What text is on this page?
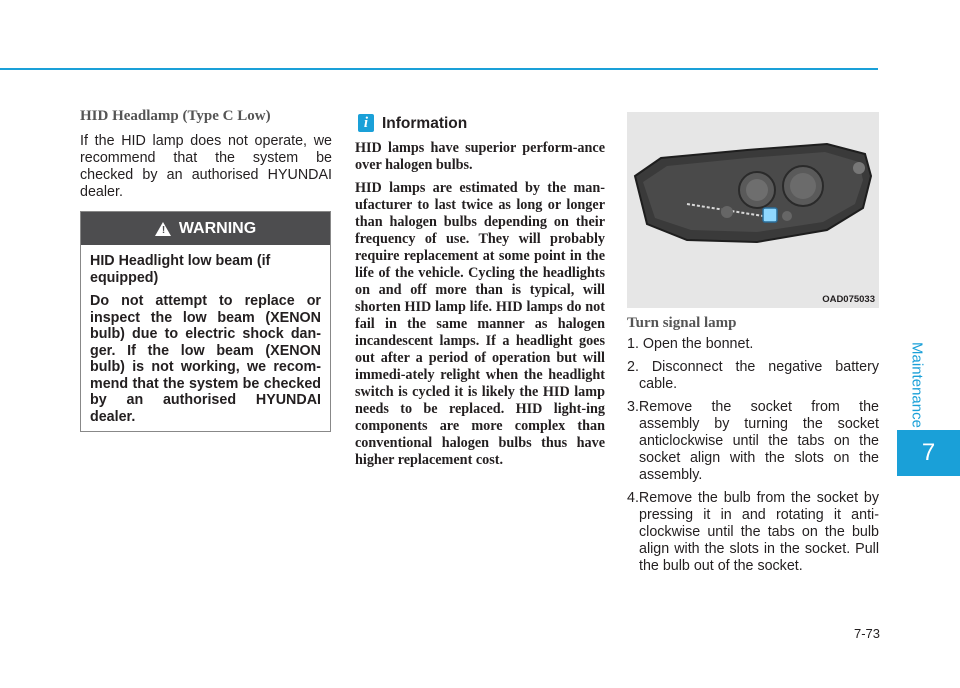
HID Headlamp (Type C Low)

If the HID lamp does not operate, we recommend that the system be checked by an authorised HYUNDAI dealer.

! WARNING

HID Headlight low beam (if equipped)

Do not attempt to replace or inspect the low beam (XENON bulb) due to electric shock dan-ger. If the low beam (XENON bulb) is not working, we recom-mend that the system be checked by an authorised HYUNDAI dealer.

i Information

HID lamps have superior perform-ance over halogen bulbs.

HID lamps are estimated by the man-ufacturer to last twice as long or longer than halogen bulbs depending on their frequency of use. They will probably require replacement at some point in the life of the vehicle. Cycling the headlights on and off more than is typical, will shorten HID lamp life. HID lamps do not fail in the same manner as halogen incandescent lamps. If a headlight goes out after a period of operation but will immedi-ately relight when the headlight switch is cycled it is likely the HID lamp needs to be replaced. HID light-ing components are more complex than conventional halogen bulbs thus have higher replacement cost.

OAD075033

Turn signal lamp

1. Open the bonnet.
2. Disconnect the negative battery cable.
3.Remove the socket from the assembly by turning the socket anticlockwise until the tabs on the socket align with the slots on the assembly.
4.Remove the bulb from the socket by pressing it in and rotating it anti-clockwise until the tabs on the bulb align with the slots in the socket. Pull the bulb out of the socket.
Maintenance
7
7-73
